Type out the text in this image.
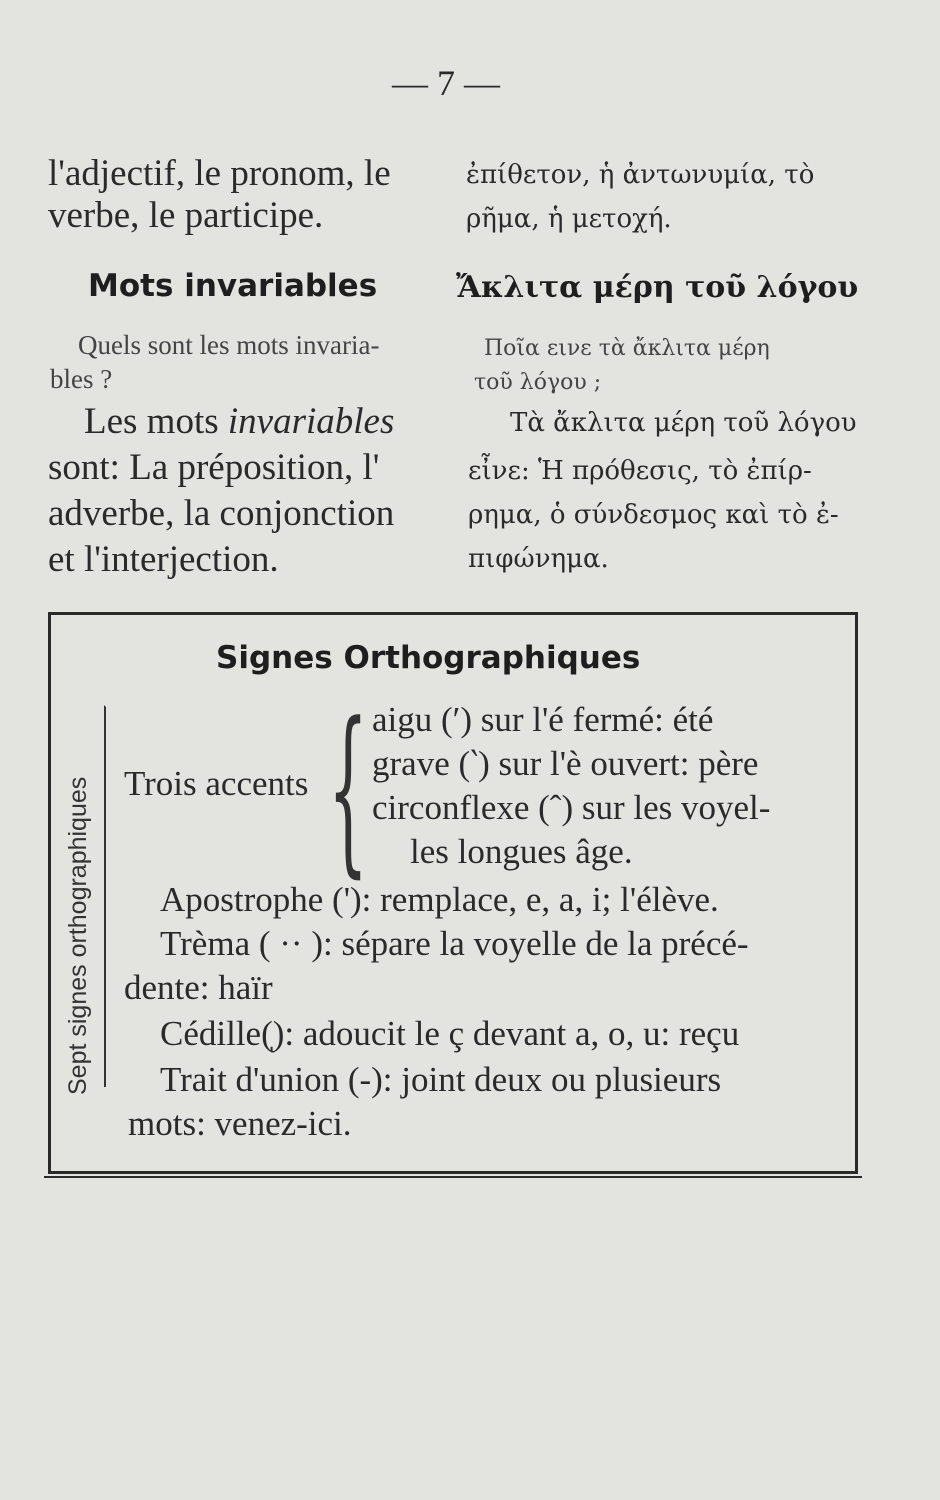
— 7 —
l'adjectif, le pronom, le
verbe, le participe.
ἐπίθετον, ἡ ἀντωνυμία, τὸ
ρῆμα, ἡ μετοχή.
Mots invariables	Ἄκλιτα μέρη τοῦ λόγου
Quels sont les mots invaria-
bles ?
Ποῖα εινε τὰ ἄκλιτα μέρη
τοῦ λόγου ;
Les mots invariables
sont: La préposition, l'
adverbe, la conjonction
et l'interjection.
Τὰ ἄκλιτα μέρη τοῦ λόγου
εἶνε: Ἡ πρόθεσις, τὸ ἐπίρ-
ρημα, ὁ σύνδεσμος καὶ τὸ ἐ-
πιφώνημα.
Signes Orthographiques
Sept signes orthographiques Trois accents { aigu (′) sur l'é fermé: été
grave (‵) sur l'è ouvert: père
circonflexe (ˆ) sur les voyel-
les longues âge.
Apostrophe ('): remplace, e, a, i; l'élève.
Trèma ( ·· ): sépare la voyelle de la précé-
dente: haïr
Cédille(ͅ): adoucit le ç devant a, o, u: reçu
Trait d'union (-): joint deux ou plusieurs
mots: venez-ici.
